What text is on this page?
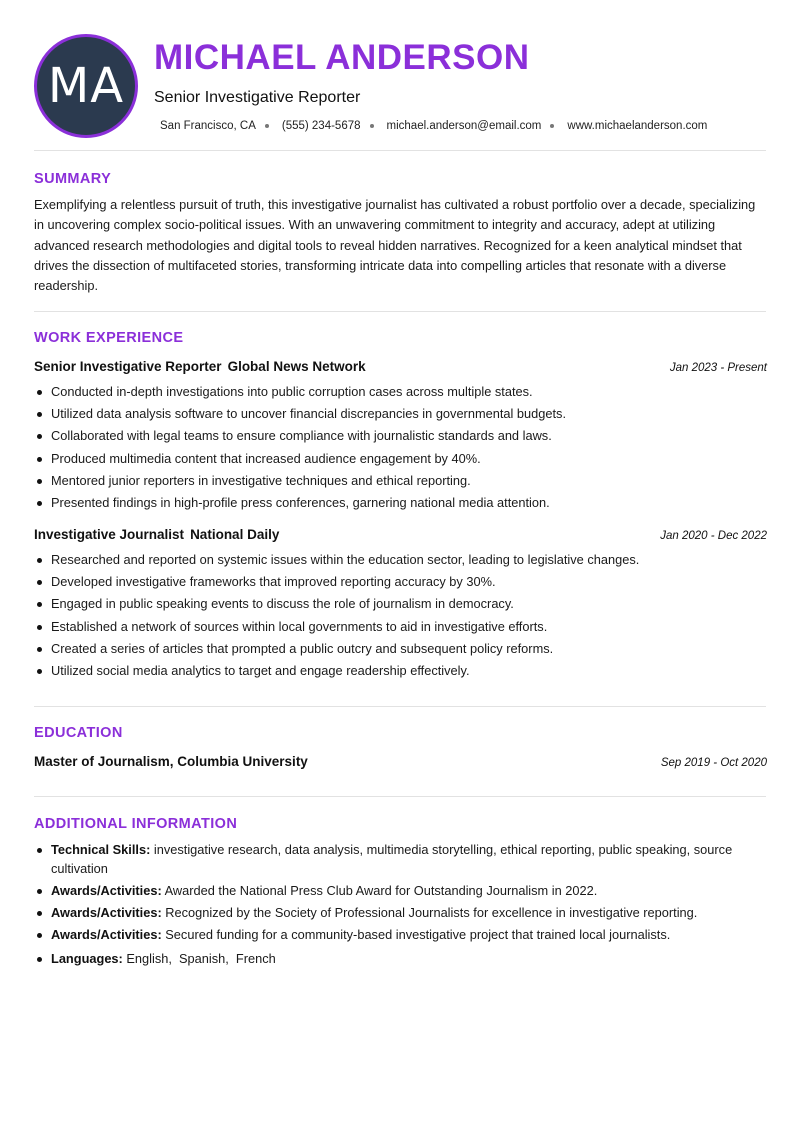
MA
MICHAEL ANDERSON
Senior Investigative Reporter
San Francisco, CA (555) 234-5678 michael.anderson@email.com www.michaelanderson.com
SUMMARY
Exemplifying a relentless pursuit of truth, this investigative journalist has cultivated a robust portfolio over a decade, specializing in uncovering complex socio-political issues. With an unwavering commitment to integrity and accuracy, adept at utilizing advanced research methodologies and digital tools to reveal hidden narratives. Recognized for a keen analytical mindset that drives the dissection of multifaceted stories, transforming intricate data into compelling articles that resonate with a diverse readership.
WORK EXPERIENCE
Senior Investigative Reporter Global News Network	Jan 2023 - Present
Conducted in-depth investigations into public corruption cases across multiple states.
Utilized data analysis software to uncover financial discrepancies in governmental budgets.
Collaborated with legal teams to ensure compliance with journalistic standards and laws.
Produced multimedia content that increased audience engagement by 40%.
Mentored junior reporters in investigative techniques and ethical reporting.
Presented findings in high-profile press conferences, garnering national media attention.
Investigative Journalist National Daily	Jan 2020 - Dec 2022
Researched and reported on systemic issues within the education sector, leading to legislative changes.
Developed investigative frameworks that improved reporting accuracy by 30%.
Engaged in public speaking events to discuss the role of journalism in democracy.
Established a network of sources within local governments to aid in investigative efforts.
Created a series of articles that prompted a public outcry and subsequent policy reforms.
Utilized social media analytics to target and engage readership effectively.
EDUCATION
Master of Journalism, Columbia University	Sep 2019 - Oct 2020
ADDITIONAL INFORMATION
Technical Skills: investigative research, data analysis, multimedia storytelling, ethical reporting, public speaking, source cultivation
Awards/Activities: Awarded the National Press Club Award for Outstanding Journalism in 2022.
Awards/Activities: Recognized by the Society of Professional Journalists for excellence in investigative reporting.
Awards/Activities: Secured funding for a community-based investigative project that trained local journalists.
Languages: English,  Spanish,  French
